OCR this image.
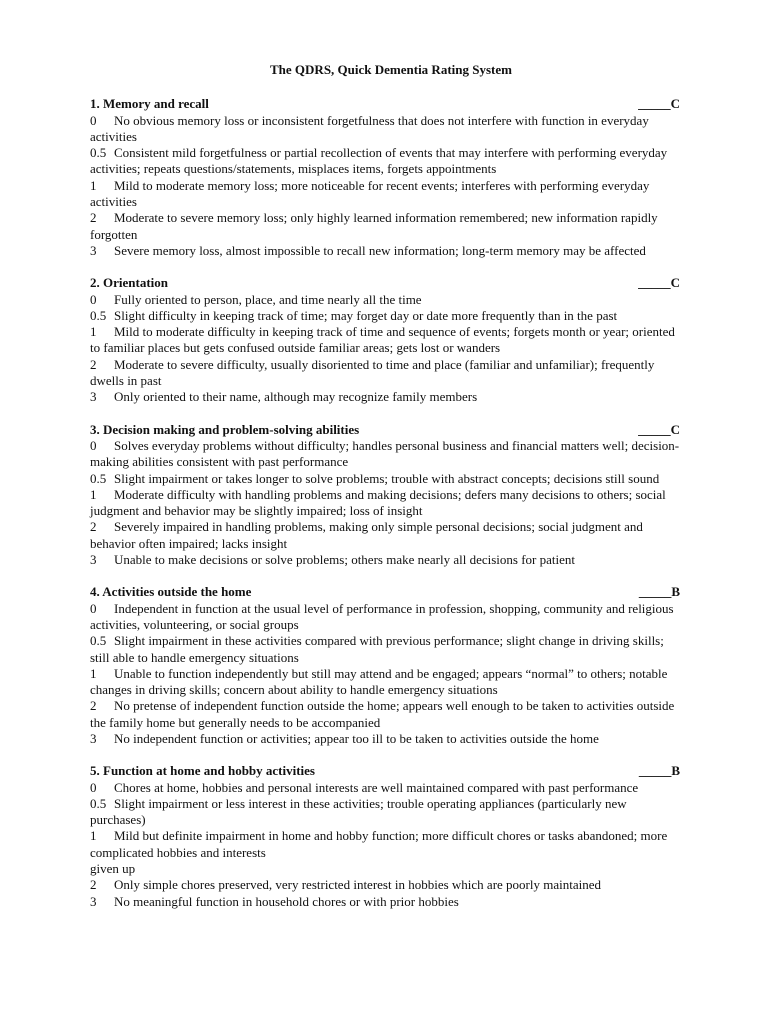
The QDRS, Quick Dementia Rating System
1. Memory and recall	_____C
0 No obvious memory loss or inconsistent forgetfulness that does not interfere with function in everyday activities
0.5 Consistent mild forgetfulness or partial recollection of events that may interfere with performing everyday activities; repeats questions/statements, misplaces items, forgets appointments
1 Mild to moderate memory loss; more noticeable for recent events; interferes with performing everyday activities
2 Moderate to severe memory loss; only highly learned information remembered; new information rapidly forgotten
3 Severe memory loss, almost impossible to recall new information; long-term memory may be affected
2. Orientation	_____C
0 Fully oriented to person, place, and time nearly all the time
0.5 Slight difficulty in keeping track of time; may forget day or date more frequently than in the past
1 Mild to moderate difficulty in keeping track of time and sequence of events; forgets month or year; oriented to familiar places but gets confused outside familiar areas; gets lost or wanders
2 Moderate to severe difficulty, usually disoriented to time and place (familiar and unfamiliar); frequently dwells in past
3 Only oriented to their name, although may recognize family members
3. Decision making and problem-solving abilities	_____C
0 Solves everyday problems without difficulty; handles personal business and financial matters well; decision-making abilities consistent with past performance
0.5 Slight impairment or takes longer to solve problems; trouble with abstract concepts; decisions still sound
1 Moderate difficulty with handling problems and making decisions; defers many decisions to others; social judgment and behavior may be slightly impaired; loss of insight
2 Severely impaired in handling problems, making only simple personal decisions; social judgment and behavior often impaired; lacks insight
3 Unable to make decisions or solve problems; others make nearly all decisions for patient
4. Activities outside the home	_____B
0 Independent in function at the usual level of performance in profession, shopping, community and religious activities, volunteering, or social groups
0.5 Slight impairment in these activities compared with previous performance; slight change in driving skills; still able to handle emergency situations
1 Unable to function independently but still may attend and be engaged; appears “normal” to others; notable changes in driving skills; concern about ability to handle emergency situations
2 No pretense of independent function outside the home; appears well enough to be taken to activities outside the family home but generally needs to be accompanied
3 No independent function or activities; appear too ill to be taken to activities outside the home
5. Function at home and hobby activities	_____B
0 Chores at home, hobbies and personal interests are well maintained compared with past performance
0.5 Slight impairment or less interest in these activities; trouble operating appliances (particularly new purchases)
1 Mild but definite impairment in home and hobby function; more difficult chores or tasks abandoned; more complicated hobbies and interests
given up
2 Only simple chores preserved, very restricted interest in hobbies which are poorly maintained
3 No meaningful function in household chores or with prior hobbies
